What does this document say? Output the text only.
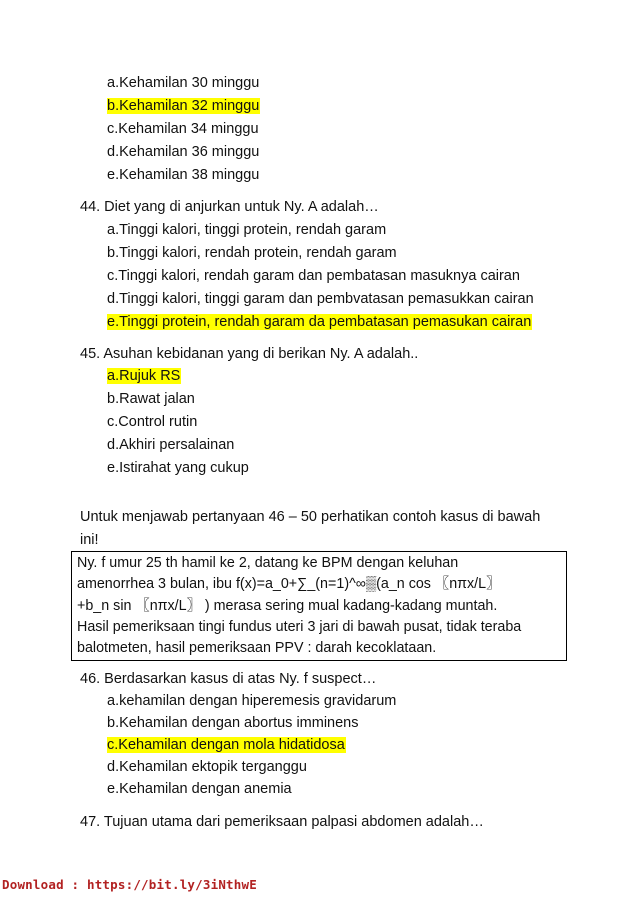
a.Kehamilan 30 minggu
b.Kehamilan 32 minggu
c.Kehamilan 34 minggu
d.Kehamilan 36 minggu
e.Kehamilan 38 minggu
44. Diet yang di anjurkan untuk Ny. A adalah…
a.Tinggi kalori, tinggi protein, rendah garam
b.Tinggi kalori, rendah protein, rendah garam
c.Tinggi kalori, rendah garam dan pembatasan masuknya cairan
d.Tinggi kalori, tinggi garam dan pembvatasan pemasukkan cairan
e.Tinggi protein, rendah garam da pembatasan pemasukan cairan
45. Asuhan kebidanan yang di berikan Ny. A adalah..
a.Rujuk RS
b.Rawat jalan
c.Control rutin
d.Akhiri persalainan
e.Istirahat yang cukup
Untuk menjawab pertanyaan 46 – 50 perhatikan contoh kasus di bawah
ini!
Ny. f umur 25 th hamil ke 2, datang ke BPM dengan keluhan
amenorrhea 3 bulan, ibu f(x)=a_0+∑_(n=1)^∞▒(a_n cos 〖nπx/L〗
+b_n sin 〖nπx/L〗 ) merasa sering mual kadang-kadang muntah.
Hasil pemeriksaan tingi fundus uteri 3 jari di bawah pusat, tidak teraba
balotmeten, hasil pemeriksaan PPV : darah kecoklataan.
46. Berdasarkan kasus di atas Ny. f suspect…
a.kehamilan dengan hiperemesis gravidarum
b.Kehamilan dengan abortus imminens
c.Kehamilan dengan mola hidatidosa
d.Kehamilan ektopik terganggu
e.Kehamilan dengan anemia
47. Tujuan utama dari pemeriksaan palpasi abdomen adalah…
Download : https://bit.ly/3iNthwE
